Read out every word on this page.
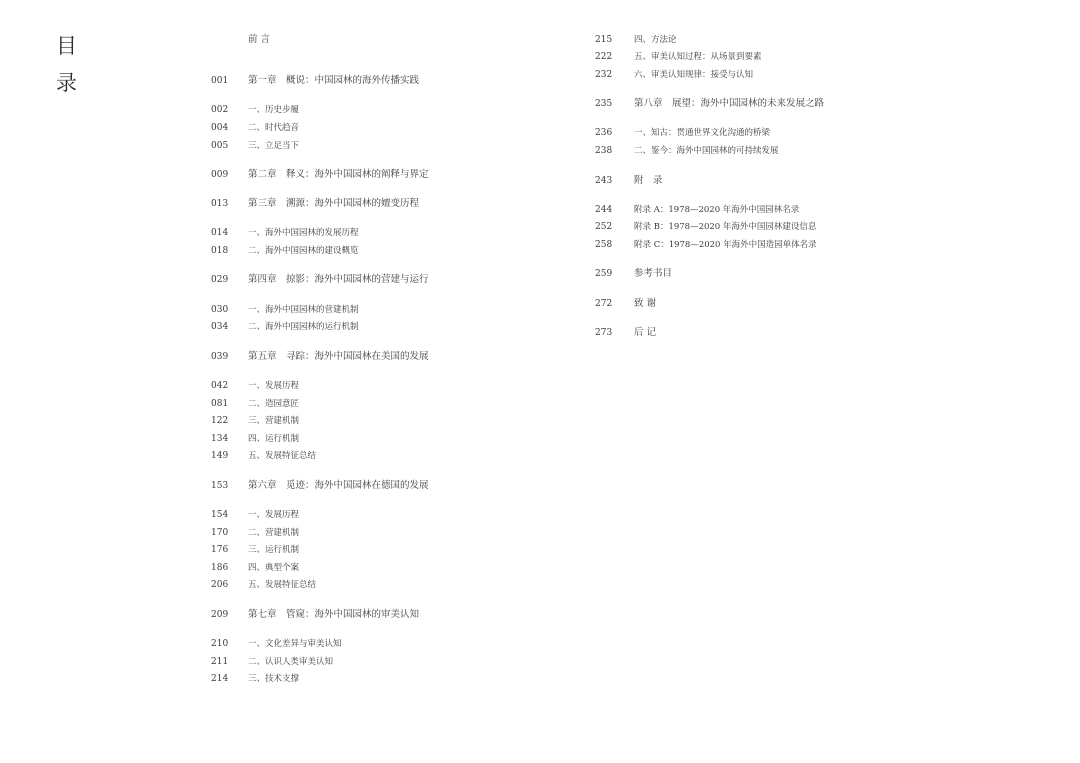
目
录
前 言
001 第一章　概说：中国园林的海外传播实践
002 一、历史步履
004 二、时代趋音
005 三、立足当下
009 第二章　释义：海外中国园林的阐释与界定
013 第三章　溯源：海外中国园林的嬗变历程
014 一、海外中国园林的发展历程
018 二、海外中国园林的建设概览
029 第四章　掠影：海外中国园林的营建与运行
030 一、海外中国园林的营建机制
034 二、海外中国园林的运行机制
039 第五章　寻踪：海外中国园林在美国的发展
042 一、发展历程
081 二、造园意匠
122 三、营建机制
134 四、运行机制
149 五、发展特征总结
153 第六章　觅迹：海外中国园林在德国的发展
154 一、发展历程
170 二、营建机制
176 三、运行机制
186 四、典型个案
206 五、发展特征总结
209 第七章　管窥：海外中国园林的审美认知
210 一、文化差异与审美认知
211 二、认识人类审美认知
214 三、技术支撑
215	四、方法论
222	五、审美认知过程：从场景到要素
232	六、审美认知规律：接受与认知
235 第八章　展望：海外中国园林的未来发展之路
236	一、知古：贯通世界文化沟通的桥梁
238	二、鉴今：海外中国园林的可持续发展
243 附　录
244	附录 A：1978—2020 年海外中国园林名录
252	附录 B：1978—2020 年海外中国园林建设信息
258	附录 C：1978—2020 年海外中国造园单体名录
259 参考书目
272 致 谢
273 后 记
